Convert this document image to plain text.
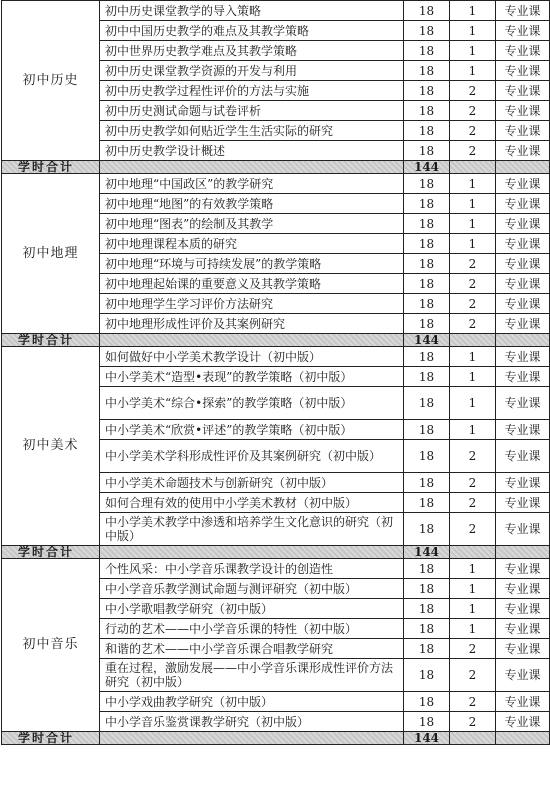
初中历史	初中历史课堂教学的导入策略	18	1	专业课
	初中中国历史教学的难点及其教学策略	18	1	专业课
	初中世界历史教学难点及其教学策略	18	1	专业课
	初中历史课堂教学资源的开发与利用	18	1	专业课
	初中历史教学过程性评价的方法与实施	18	2	专业课
	初中历史测试命题与试卷评析	18	2	专业课
	初中历史教学如何贴近学生生活实际的研究	18	2	专业课
	初中历史教学设计概述	18	2	专业课
学时合计		144		
初中地理	初中地理“中国政区”的教学研究	18	1	专业课
	初中地理“地图”的有效教学策略	18	1	专业课
	初中地理“图表”的绘制及其教学	18	1	专业课
	初中地理课程本质的研究	18	1	专业课
	初中地理“环境与可持续发展”的教学策略	18	2	专业课
	初中地理起始课的重要意义及其教学策略	18	2	专业课
	初中地理学生学习评价方法研究	18	2	专业课
	初中地理形成性评价及其案例研究	18	2	专业课
学时合计		144		
初中美术	如何做好中小学美术教学设计（初中版）	18	1	专业课
	中小学美术“造型•表现”的教学策略（初中版）	18	1	专业课
	中小学美术“综合•探索”的教学策略（初中版）	18	1	专业课
	中小学美术“欣赏•评述”的教学策略（初中版）	18	1	专业课
	中小学美术学科形成性评价及其案例研究（初中版）	18	2	专业课
	中小学美术命题技术与创新研究（初中版）	18	2	专业课
	如何合理有效的使用中小学美术教材（初中版）	18	2	专业课
	中小学美术教学中渗透和培养学生文化意识的研究（初中版）	18	2	专业课
学时合计		144		
初中音乐	个性风采：中小学音乐课教学设计的创造性	18	1	专业课
	中小学音乐教学测试命题与测评研究（初中版）	18	1	专业课
	中小学歌唱教学研究（初中版）	18	1	专业课
	行动的艺术——中小学音乐课的特性（初中版）	18	1	专业课
	和谐的艺术——中小学音乐课合唱教学研究	18	2	专业课
	重在过程，激励发展——中小学音乐课形成性评价方法研究（初中版）	18	2	专业课
	中小学戏曲教学研究（初中版）	18	2	专业课
	中小学音乐鉴赏课教学研究（初中版）	18	2	专业课
学时合计		144		
